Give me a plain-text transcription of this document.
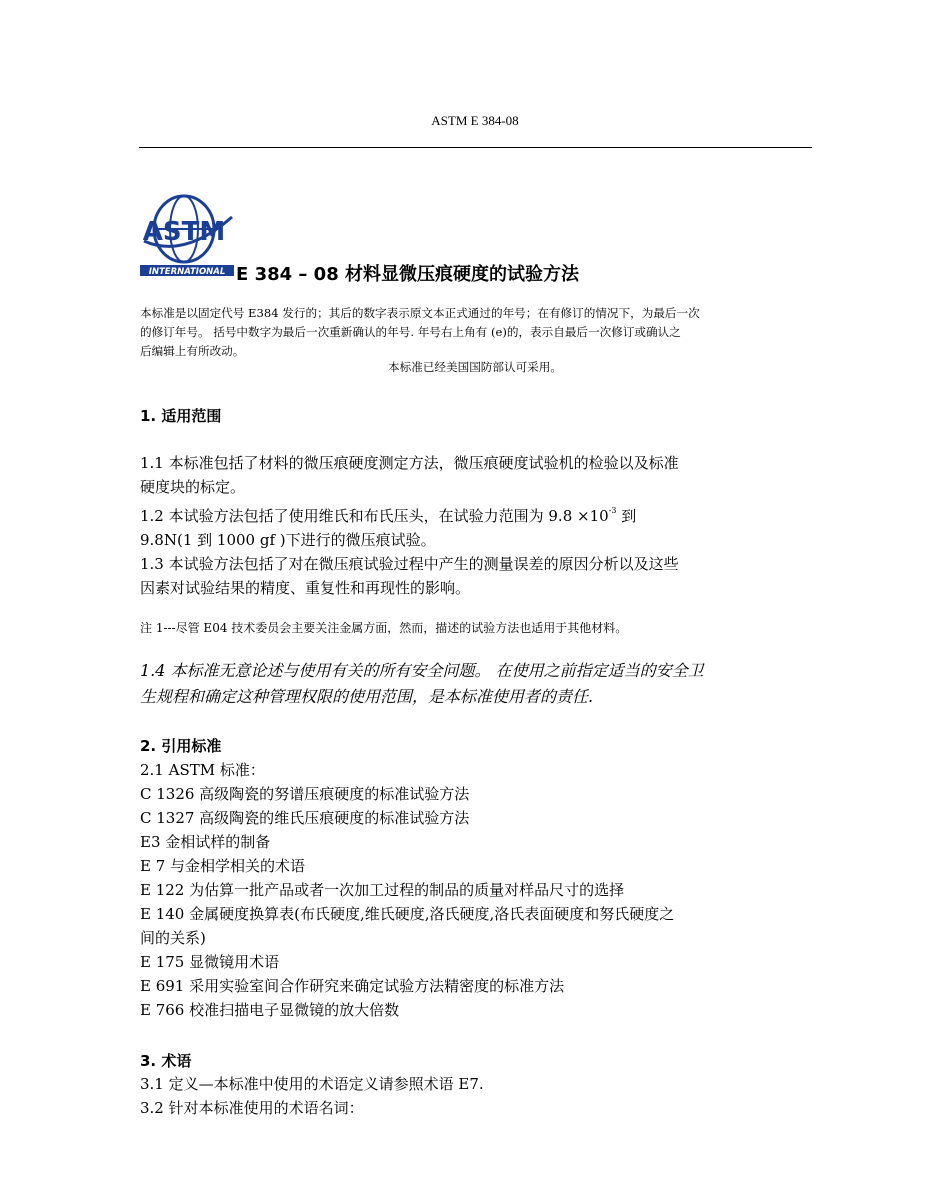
ASTM E 384-08
ASTM
INTERNATIONAL E 384 – 08 材料显微压痕硬度的试验方法

本标准是以固定代号 E384 发行的；其后的数字表示原文本正式通过的年号；在有修订的情况下，为最后一次

的修订年号。 括号中数字为最后一次重新确认的年号. 年号右上角有 (e)的，表示自最后一次修订或确认之

后编辑上有所改动。

本标准已经美国国防部认可采用。
1. 适用范围

1.1 本标准包括了材料的微压痕硬度测定方法，微压痕硬度试验机的检验以及标准

硬度块的标定。

1.2 本试验方法包括了使用维氏和布氏压头，在试验力范围为 $9.8 \times 10^{-3}$ 到

9.8N(1 到 1000 gf )下进行的微压痕试验。

1.3 本试验方法包括了对在微压痕试验过程中产生的测量误差的原因分析以及这些

因素对试验结果的精度、重复性和再现性的影响。

注 1---尽管 E04 技术委员会主要关注金属方面，然而，描述的试验方法也适用于其他材料。

1.4 本标准无意论述与使用有关的所有安全问题。 在使用之前指定适当的安全卫

生规程和确定这种管理权限的使用范围，是本标准使用者的责任.

2. 引用标准

2.1 ASTM 标准：

C 1326 高级陶瓷的努谱压痕硬度的标准试验方法

C 1327 高级陶瓷的维氏压痕硬度的标准试验方法

E3 金相试样的制备

E 7 与金相学相关的术语

E 122 为估算一批产品或者一次加工过程的制品的质量对样品尺寸的选择

E 140 金属硬度换算表(布氏硬度,维氏硬度,洛氏硬度,洛氏表面硬度和努氏硬度之

间的关系)

E 175 显微镜用术语

E 691 采用实验室间合作研究来确定试验方法精密度的标准方法

E 766 校准扫描电子显微镜的放大倍数

3. 术语

3.1 定义—本标准中使用的术语定义请参照术语 E7.

3.2 针对本标准使用的术语名词：
